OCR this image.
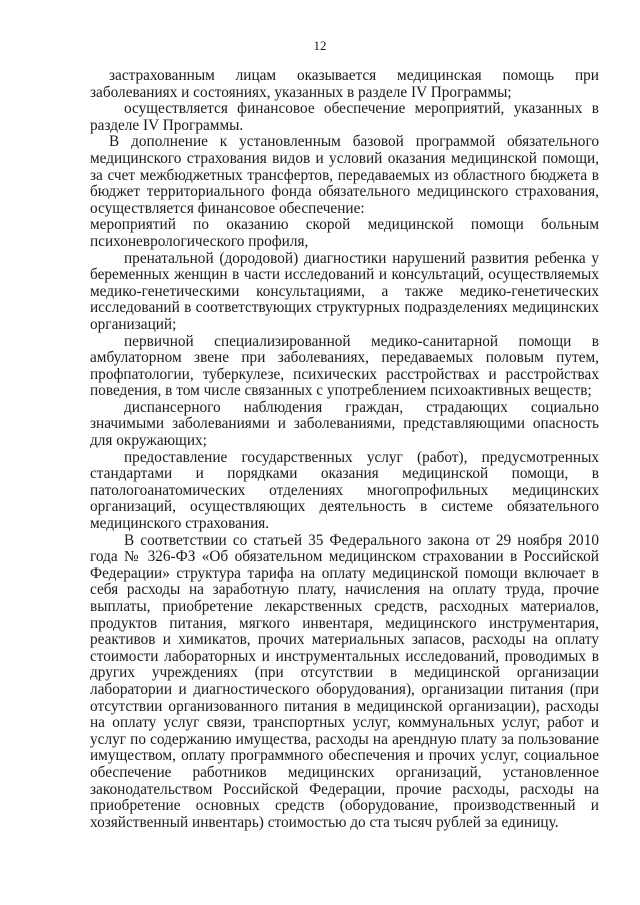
12

застрахованным лицам оказывается медицинская помощь при заболеваниях и состояниях, указанных в разделе IV Программы;

осуществляется финансовое обеспечение мероприятий, указанных в разделе IV Программы.

В дополнение к установленным базовой программой обязательного медицинского страхования видов и условий оказания медицинской помощи, за счет межбюджетных трансфертов, передаваемых из областного бюджета в бюджет территориального фонда обязательного медицинского страхования, осуществляется финансовое обеспечение:

мероприятий по оказанию скорой медицинской помощи больным психоневрологического профиля,

пренатальной (дородовой) диагностики нарушений развития ребенка у беременных женщин в части исследований и консультаций, осуществляемых медико-генетическими консультациями, а также медико-генетических исследований в соответствующих структурных подразделениях медицинских организаций;

первичной специализированной медико-санитарной помощи в амбулаторном звене при заболеваниях, передаваемых половым путем, профпатологии, туберкулезе, психических расстройствах и расстройствах поведения, в том числе связанных с употреблением психоактивных веществ;

диспансерного наблюдения граждан, страдающих социально значимыми заболеваниями и заболеваниями, представляющими опасность для окружающих;

предоставление государственных услуг (работ), предусмотренных стандартами и порядками оказания медицинской помощи, в патологоанатомических отделениях многопрофильных медицинских организаций, осуществляющих деятельность в системе обязательного медицинского страхования.

В соответствии со статьей 35 Федерального закона от 29 ноября 2010 года № 326-ФЗ «Об обязательном медицинском страховании в Российской Федерации» структура тарифа на оплату медицинской помощи включает в себя расходы на заработную плату, начисления на оплату труда, прочие выплаты, приобретение лекарственных средств, расходных материалов, продуктов питания, мягкого инвентаря, медицинского инструментария, реактивов и химикатов, прочих материальных запасов, расходы на оплату стоимости лабораторных и инструментальных исследований, проводимых в других учреждениях (при отсутствии в медицинской организации лаборатории и диагностического оборудования), организации питания (при отсутствии организованного питания в медицинской организации), расходы на оплату услуг связи, транспортных услуг, коммунальных услуг, работ и услуг по содержанию имущества, расходы на арендную плату за пользование имуществом, оплату программного обеспечения и прочих услуг, социальное обеспечение работников медицинских организаций, установленное законодательством Российской Федерации, прочие расходы, расходы на приобретение основных средств (оборудование, производственный и хозяйственный инвентарь) стоимостью до ста тысяч рублей за единицу.
